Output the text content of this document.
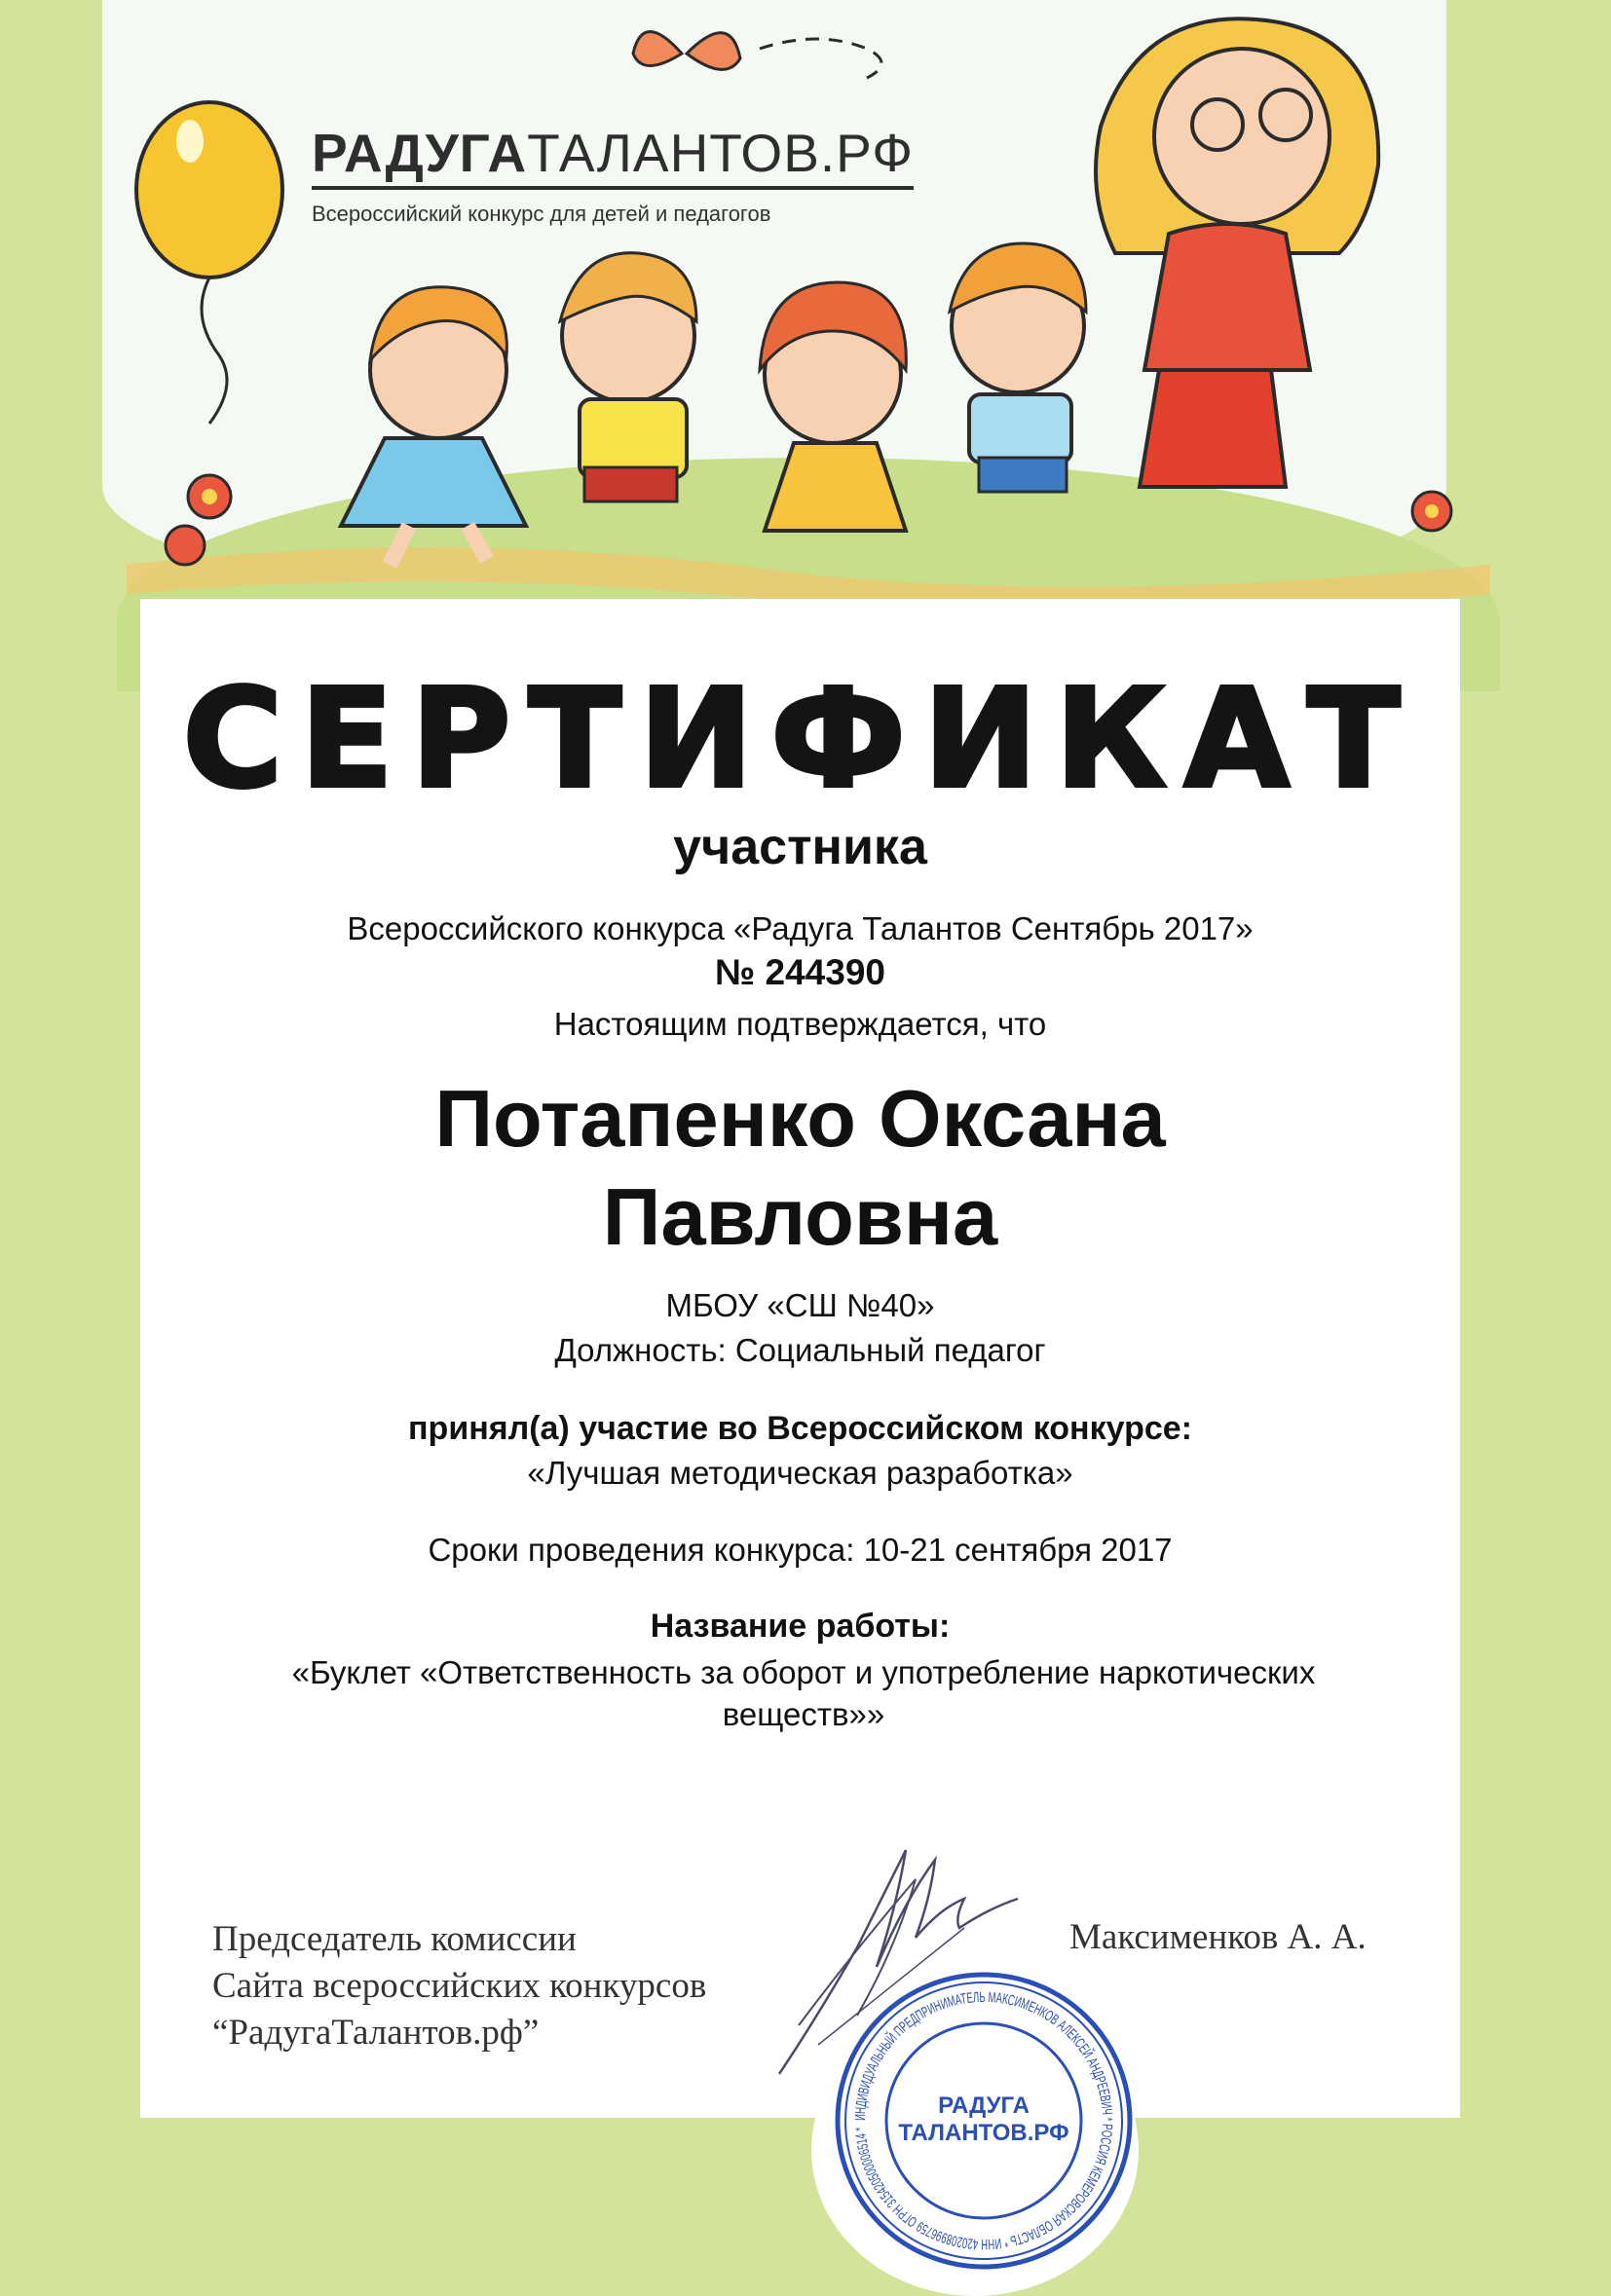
РАДУГАТАЛАНТОВ.РФ
Всероссийский конкурс для детей и педагогов
СЕРТИФИКАТ
участника
Всероссийского конкурса «Радуга Талантов Сентябрь 2017»
№ 244390
Настоящим подтверждается, что
Потапенко Оксана
Павловна
МБОУ «СШ №40»
Должность: Социальный педагог
принял(а) участие во Всероссийском конкурсе:
«Лучшая методическая разработка»
Сроки проведения конкурса: 10-21 сентября 2017
Название работы:
«Буклет «Ответственность за оборот и употребление наркотических
веществ»»
Председатель комиссии
Сайта всероссийских конкурсов
“РадугаТалантов.рф”
Максименков А. А.
ИНДИВИДУАЛЬНЫЙ ПРЕДПРИНИМАТЕЛЬ МАКСИМЕНКОВ АЛЕКСЕЙ АНДРЕЕВИЧ * РОССИЯ КЕМЕРОВСКАЯ ОБЛАСТЬ * ИНН 420208996759 ОГРН 315420500006514 *
РАДУГА
ТАЛАНТОВ.РФ
